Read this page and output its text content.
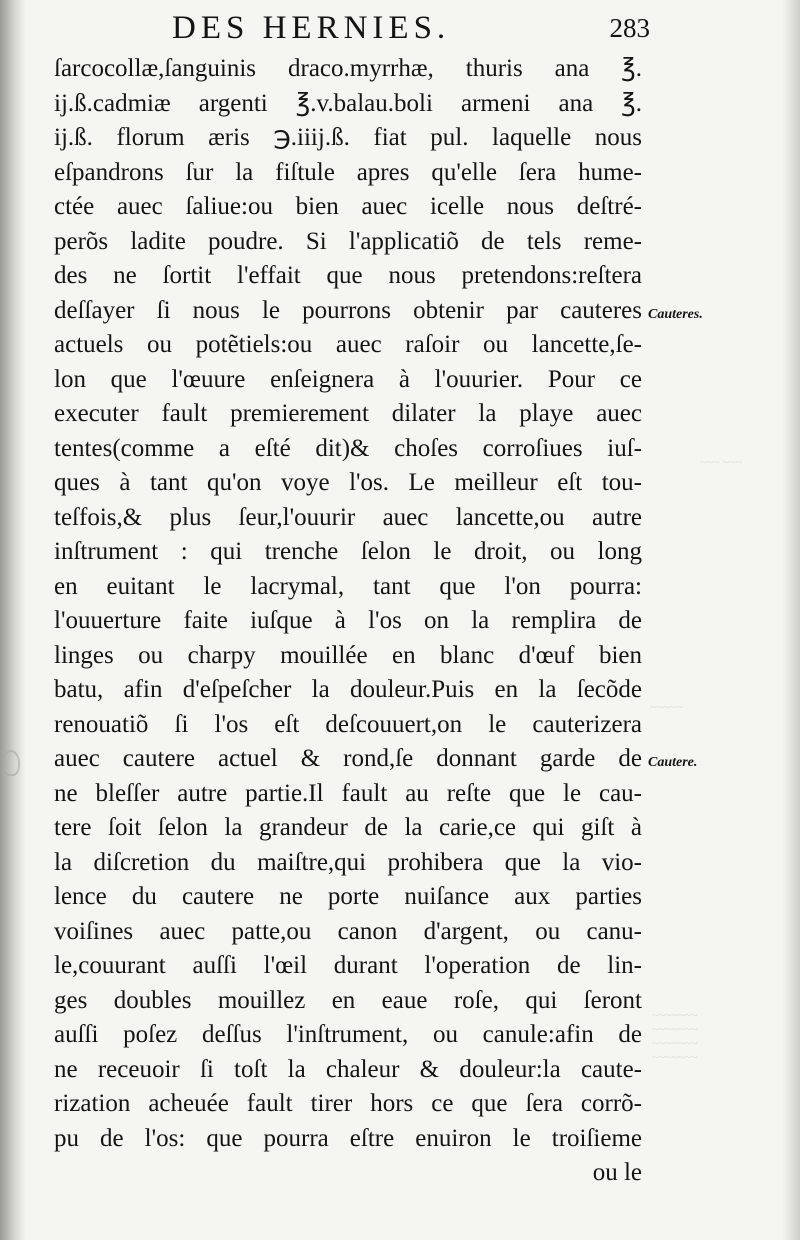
~~~ ~~~
~~~~~
~~~~~~~
~~~~~~~
~~~~~~~
~~~~~~~
DES HERNIES.	283
ſarcocollæ,ſanguinis draco.myrrhæ, thuris ana ℥.
ij.ß.cadmiæ argenti ℥.v.balau.boli armeni ana ℥.
ij.ß. florum æris ℈.iiij.ß. fiat pul. laquelle nous
eſpandrons ſur la fiſtule apres qu'elle ſera hume-
ctée auec ſaliue:ou bien auec icelle nous deſtré-
perõs ladite poudre. Si l'applicatiõ de tels reme-
des ne ſortit l'effait que nous pretendons:reſtera
deſſayer ſi nous le pourrons obtenir par cauteres
actuels ou potẽtiels:ou auec raſoir ou lancette,ſe-
lon que l'œuure enſeignera à l'ouurier. Pour ce
executer fault premierement dilater la playe auec
tentes(comme a eſté dit)& choſes corroſiues iuſ-
ques à tant qu'on voye l'os. Le meilleur eſt tou-
teſfois,& plus ſeur,l'ouurir auec lancette,ou autre
inſtrument : qui trenche ſelon le droit, ou long
en euitant le lacrymal, tant que l'on pourra:
l'ouuerture faite iuſque à l'os on la remplira de
linges ou charpy mouillée en blanc d'œuf bien
batu, afin d'eſpeſcher la douleur.Puis en la ſecõde
renouatiõ ſi l'os eſt deſcouuert,on le cauterizera
auec cautere actuel & rond,ſe donnant garde de
ne bleſſer autre partie.Il fault au reſte que le cau-
tere ſoit ſelon la grandeur de la carie,ce qui giſt à
la diſcretion du maiſtre,qui prohibera que la vio-
lence du cautere ne porte nuiſance aux parties
voiſines auec patte,ou canon d'argent, ou canu-
le,couurant auſſi l'œil durant l'operation de lin-
ges doubles mouillez en eaue roſe, qui ſeront
auſſi poſez deſſus l'inſtrument, ou canule:afin de
ne receuoir ſi toſt la chaleur & douleur:la caute-
rization acheuée fault tirer hors ce que ſera corrõ-
pu de l'os: que pourra eſtre enuiron le troiſieme
Cauteres.
Cautere.
ou le
